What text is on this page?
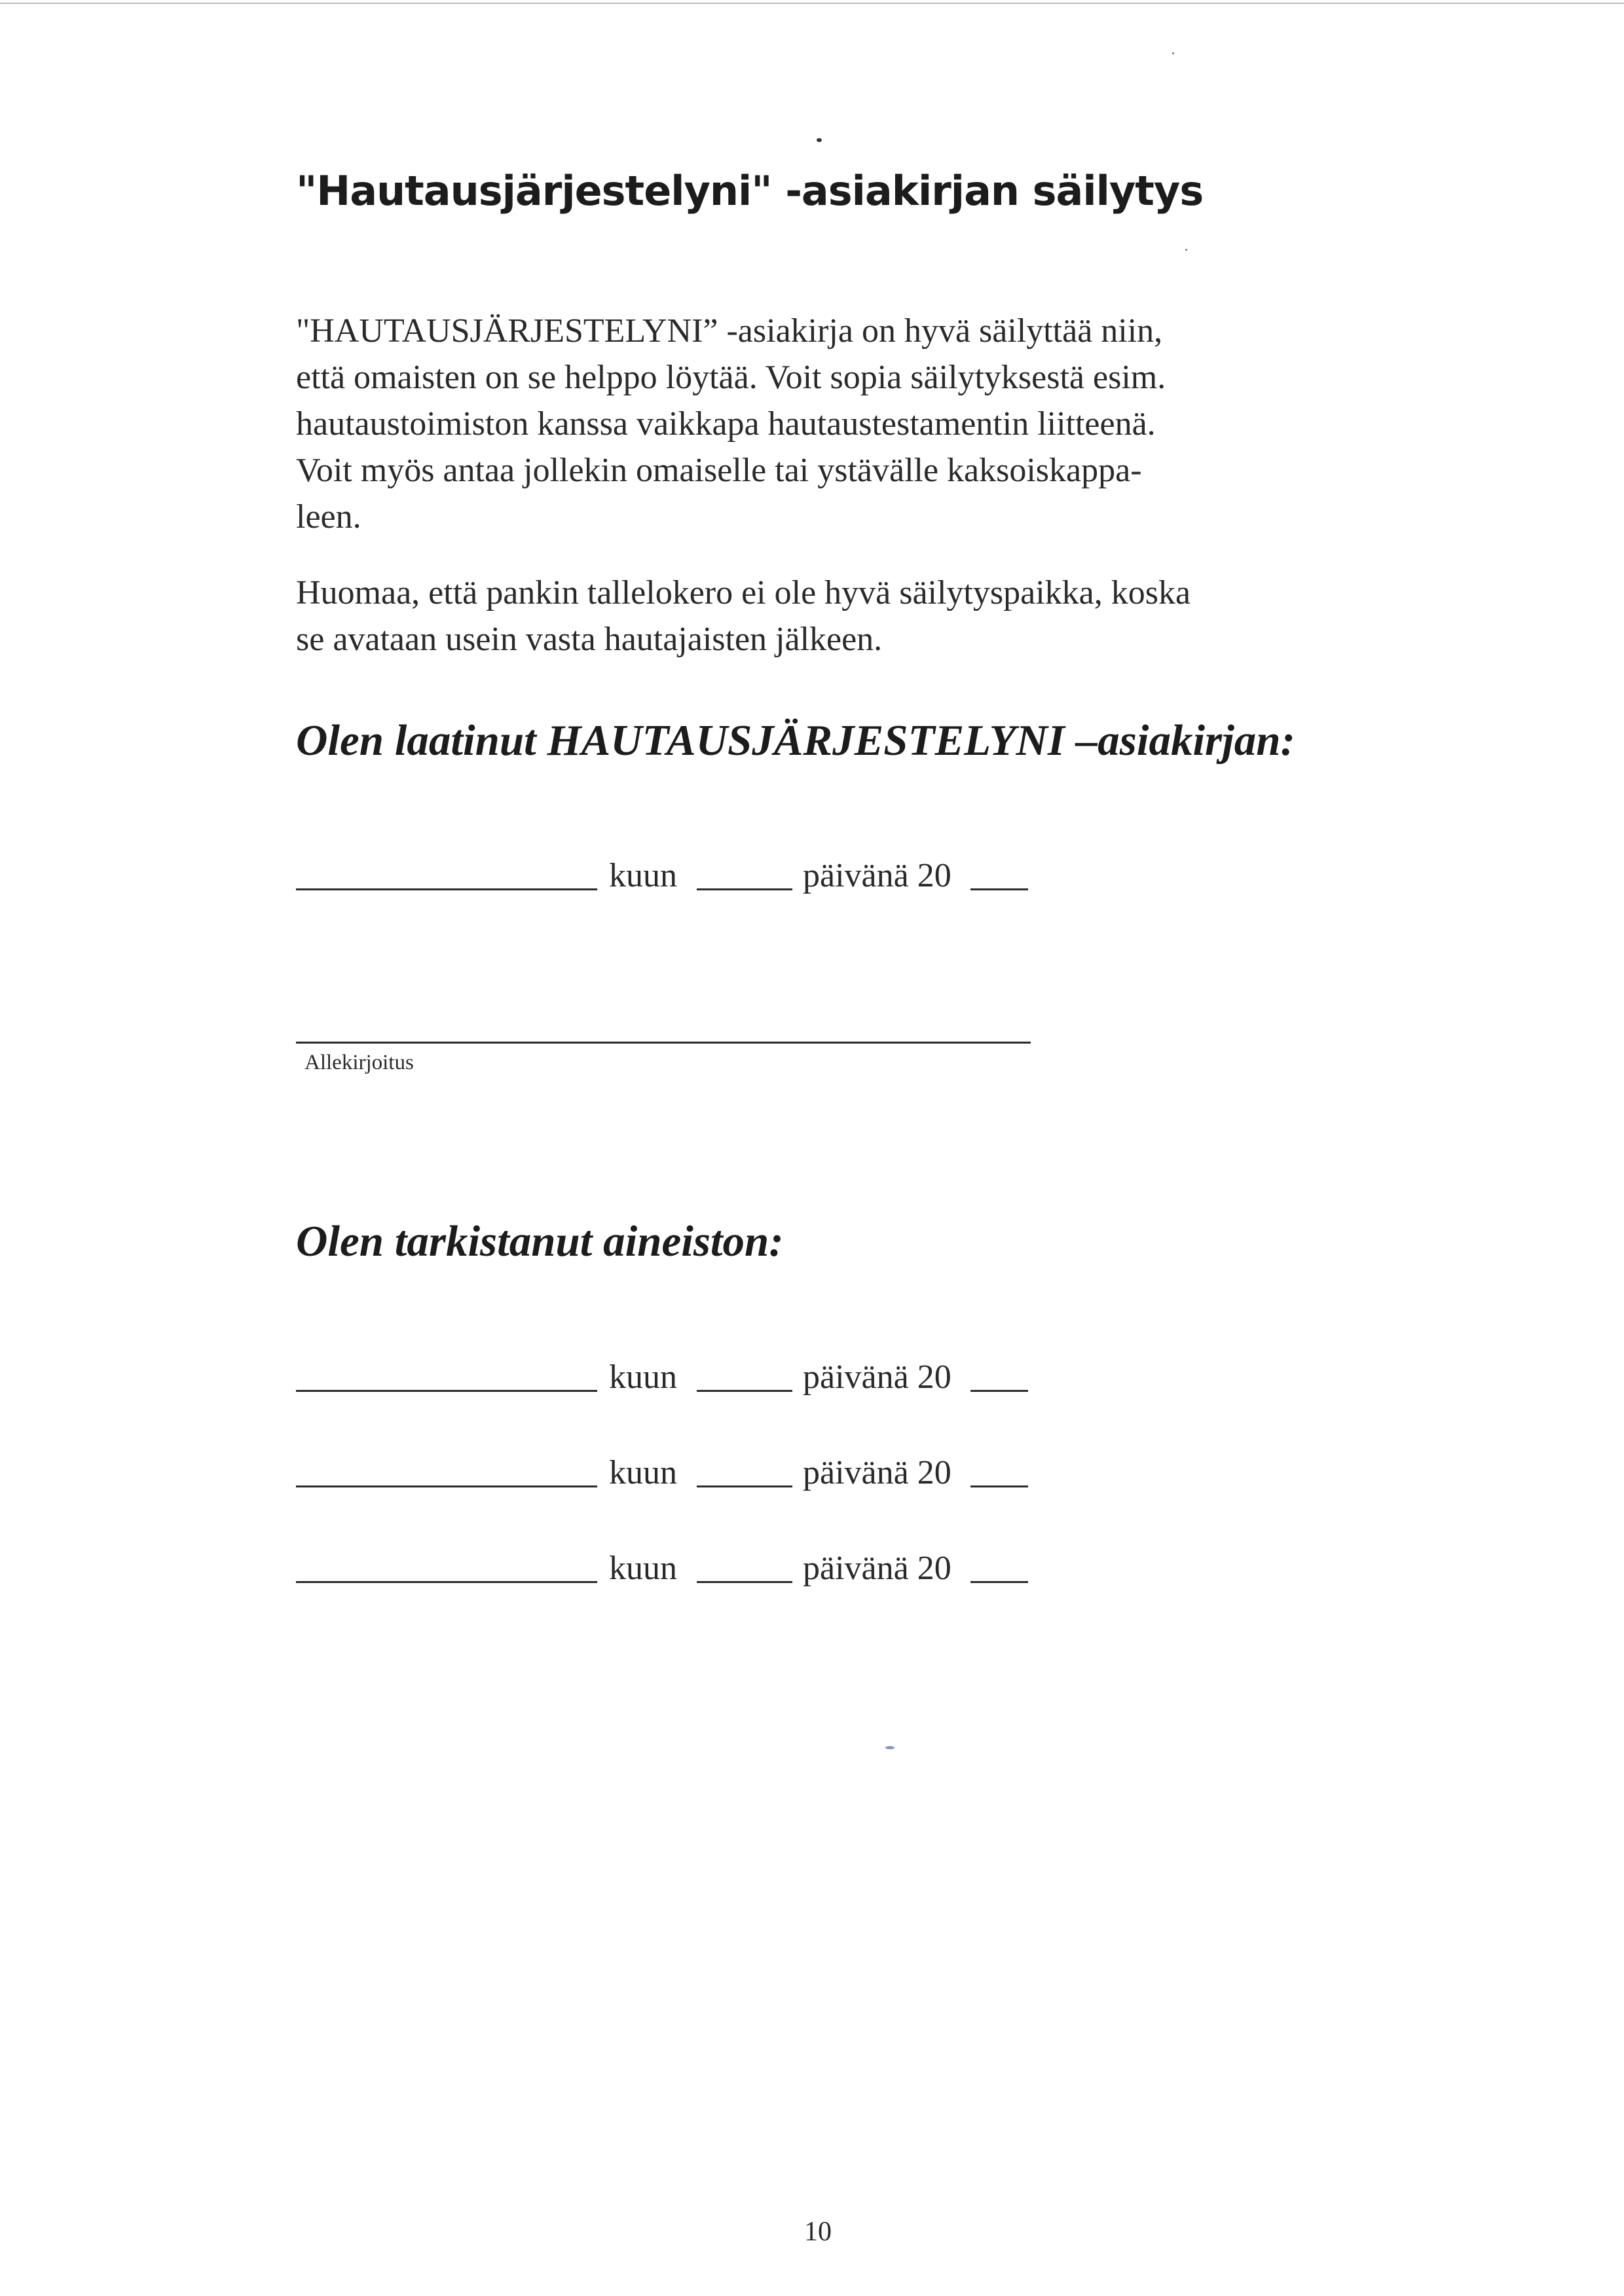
"Hautausjärjestelyni" -asiakirjan säilytys

"HAUTAUSJÄRJESTELYNI” -asiakirja on hyvä säilyttää niin,
että omaisten on se helppo löytää. Voit sopia säilytyksestä esim.
hautaustoimiston kanssa vaikkapa hautaustestamentin liitteenä.
Voit myös antaa jollekin omaiselle tai ystävälle kaksoiskappa-
leen.

Huomaa, että pankin tallelokero ei ole hyvä säilytyspaikka, koska
se avataan usein vasta hautajaisten jälkeen.

Olen laatinut HAUTAUSJÄRJESTELYNI –asiakirjan:
kuun	päivänä 20
Allekirjoitus
Olen tarkistanut aineiston:
kuun	päivänä 20
kuun	päivänä 20
kuun	päivänä 20
10
